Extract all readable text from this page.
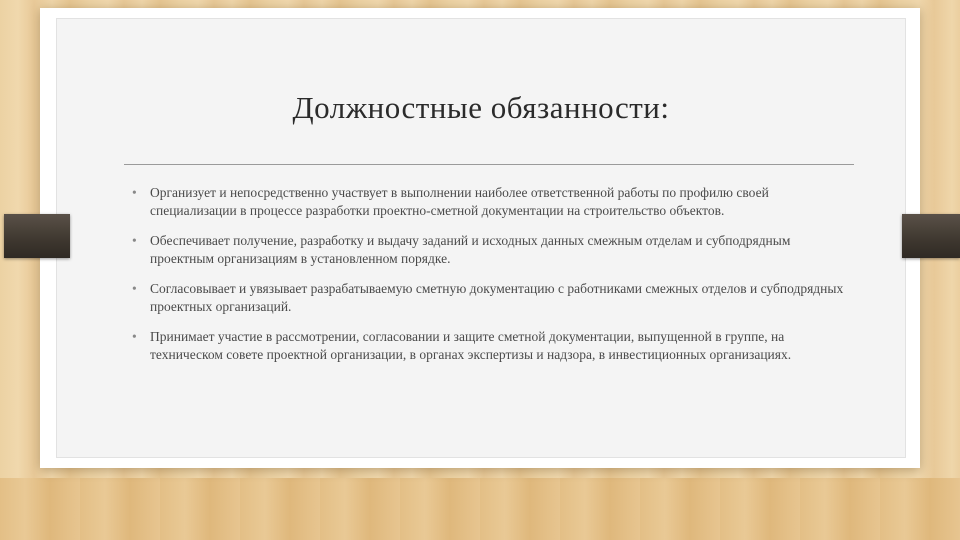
Должностные обязанности:
• Организует и непосредственно участвует в выполнении наиболее ответственной работы по профилю своей специализации в процессе разработки проектно-сметной документации на строительство объектов.
• Обеспечивает получение, разработку и выдачу заданий и исходных данных смежным отделам и субподрядным проектным организациям в установленном порядке.
• Согласовывает и увязывает разрабатываемую сметную документацию с работниками смежных отделов и субподрядных проектных организаций.
• Принимает участие в рассмотрении, согласовании и защите сметной документации, выпущенной в группе, на техническом совете проектной организации, в органах экспертизы и надзора, в инвестиционных организациях.
